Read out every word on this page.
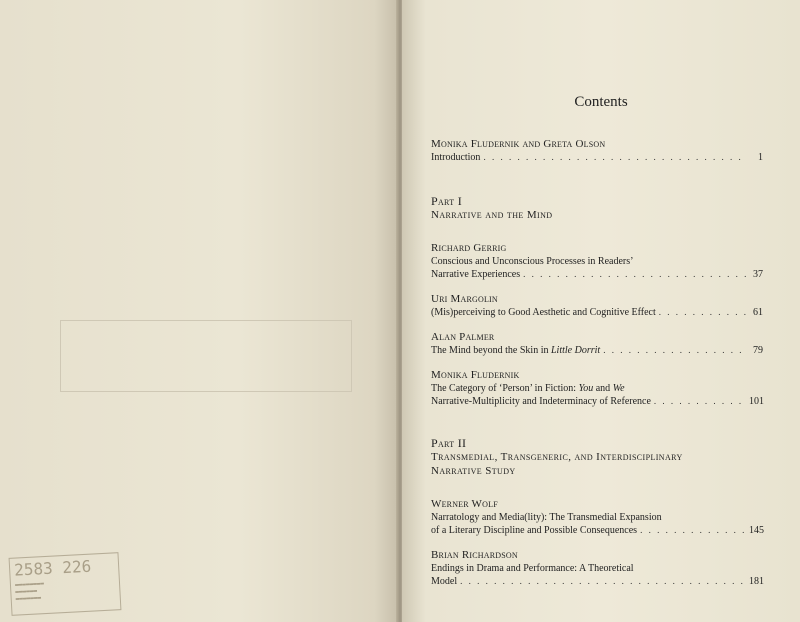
2583 226
▬▬▬▬▬▬▬▬
▬▬▬▬▬▬
▬▬▬▬▬▬▬
Contents
Monika Fludernik and Greta Olson
Introduction . . .	1
Part I
Narrative and the Mind
Richard Gerrig
Conscious and Unconscious Processes in Readers’
Narrative Experiences . . .	37
Uri Margolin
(Mis)perceiving to Good Aesthetic and Cognitive Effect . . .	61
Alan Palmer
The Mind beyond the Skin in Little Dorrit . . .	79
Monika Fludernik
The Category of ‘Person’ in Fiction: You and We
Narrative-Multiplicity and Indeterminacy of Reference . . .	101
Part II
Transmedial, Transgeneric, and Interdisciplinary
Narrative Study
Werner Wolf
Narratology and Media(lity): The Transmedial Expansion
of a Literary Discipline and Possible Consequences . . .	145
Brian Richardson
Endings in Drama and Performance: A Theoretical
Model . . .	181
